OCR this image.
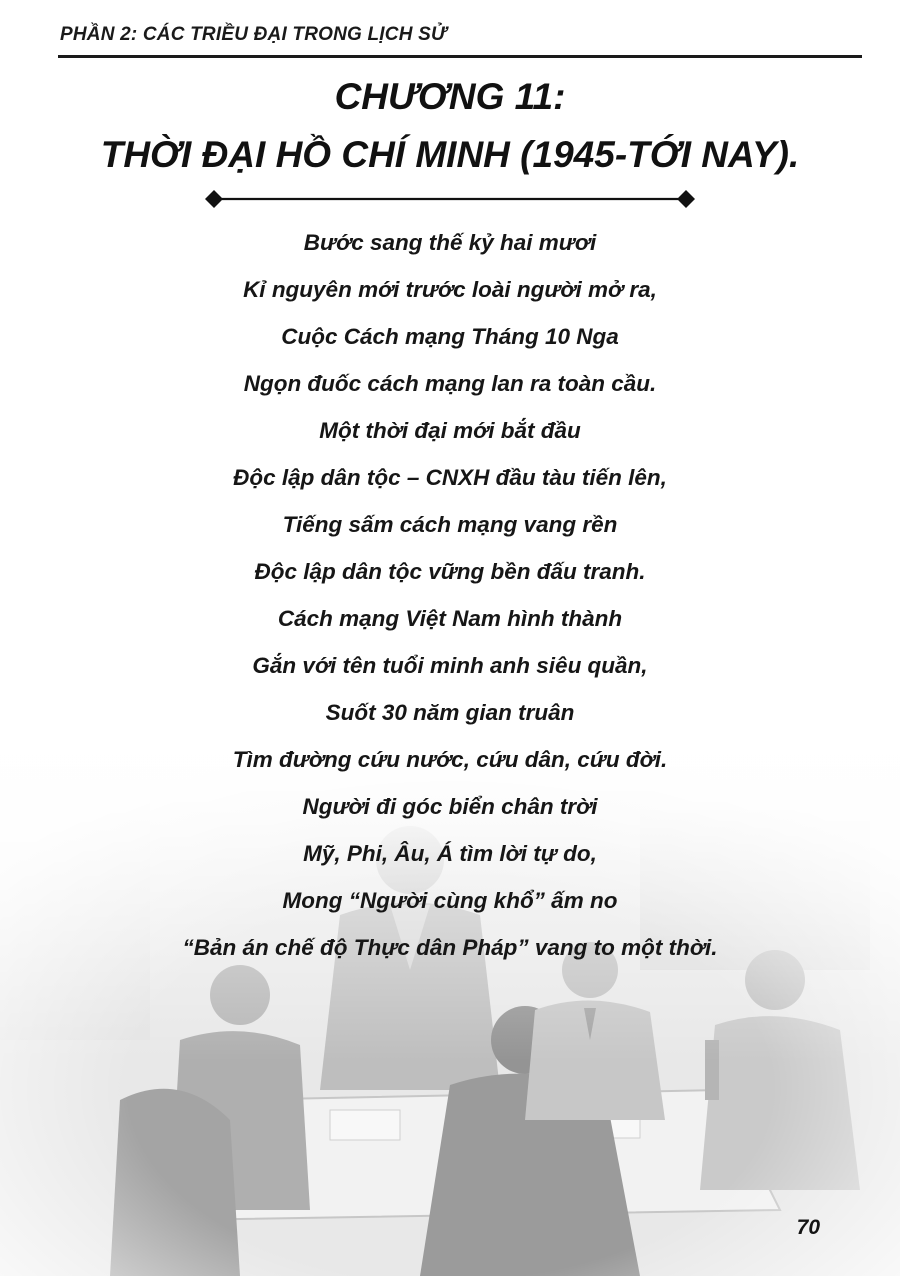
PHẦN 2: CÁC TRIỀU ĐẠI TRONG LỊCH SỬ
CHƯƠNG 11:
THỜI ĐẠI HỒ CHÍ MINH (1945-TỚI NAY).
Bước sang thế kỷ hai mươi
Kỉ nguyên mới trước loài người mở ra,
Cuộc Cách mạng Tháng 10 Nga
Ngọn đuốc cách mạng lan ra toàn cầu.
Một thời đại mới bắt đầu
Độc lập dân tộc – CNXH đầu tàu tiến lên,
Tiếng sấm cách mạng vang rền
Độc lập dân tộc vững bền đấu tranh.
Cách mạng Việt Nam hình thành
Gắn với tên tuổi minh anh siêu quần,
Suốt 30 năm gian truân
Tìm đường cứu nước, cứu dân, cứu đời.
Người đi góc biển chân trời
Mỹ, Phi, Âu, Á tìm lời tự do,
Mong “Người cùng khổ” ấm no
“Bản án chế độ Thực dân Pháp” vang to một thời.
70
